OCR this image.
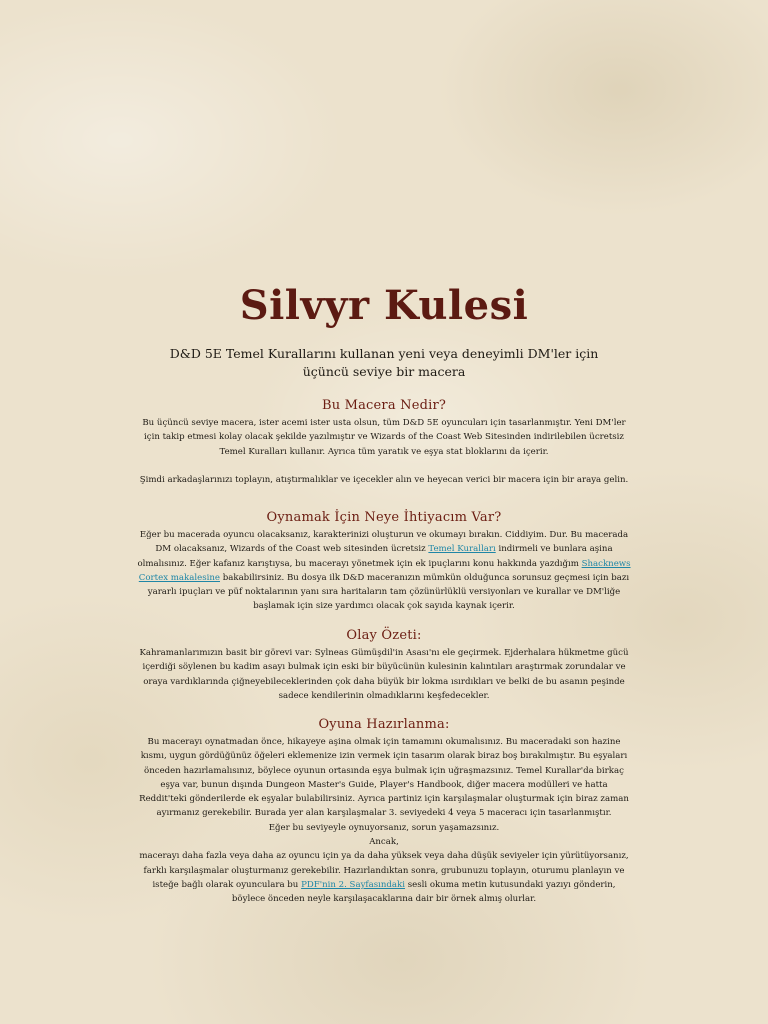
Silvyr Kulesi
D&D 5E Temel Kurallarını kullanan yeni veya deneyimli DM'ler için
üçüncü seviye bir macera
Bu Macera Nedir?

Bu üçüncü seviye macera, ister acemi ister usta olsun, tüm D&D 5E oyuncuları için tasarlanmıştır. Yeni DM'ler
için takip etmesi kolay olacak şekilde yazılmıştır ve Wizards of the Coast Web Sitesinden indirilebilen ücretsiz
Temel Kuralları kullanır. Ayrıca tüm yaratık ve eşya stat bloklarını da içerir.

Şimdi arkadaşlarınızı toplayın, atıştırmalıklar ve içecekler alın ve heyecan verici bir macera için bir araya gelin.

Oynamak İçin Neye İhtiyacım Var?

Eğer bu macerada oyuncu olacaksanız, karakterinizi oluşturun ve okumayı bırakın. Ciddiyim. Dur. Bu macerada
DM olacaksanız, Wizards of the Coast web sitesinden ücretsiz Temel Kuralları indirmeli ve bunlara aşina
olmalısınız. Eğer kafanız karıştıysa, bu macerayı yönetmek için ek ipuçlarını konu hakkında yazdığım Shacknews
Cortex makalesine bakabilirsiniz. Bu dosya ilk D&D maceranızın mümkün olduğunca sorunsuz geçmesi için bazı
yararlı ipuçları ve püf noktalarının yanı sıra haritaların tam çözünürlüklü versiyonları ve kurallar ve DM'liğe
başlamak için size yardımcı olacak çok sayıda kaynak içerir.

Olay Özeti:

Kahramanlarımızın basit bir görevi var: Sylneas Gümüşdil'in Asası'nı ele geçirmek. Ejderhalara hükmetme gücü
içerdiği söylenen bu kadim asayı bulmak için eski bir büyücünün kulesinin kalıntıları araştırmak zorundalar ve
oraya vardıklarında çiğneyebileceklerinden çok daha büyük bir lokma ısırdıkları ve belki de bu asanın peşinde
sadece kendilerinin olmadıklarını keşfedecekler.

Oyuna Hazırlanma:

Bu macerayı oynatmadan önce, hikayeye aşina olmak için tamamını okumalısınız. Bu maceradaki son hazine
kısmı, uygun gördüğünüz öğeleri eklemenize izin vermek için tasarım olarak biraz boş bırakılmıştır. Bu eşyaları
önceden hazırlamalısınız, böylece oyunun ortasında eşya bulmak için uğraşmazsınız. Temel Kurallar'da birkaç
eşya var, bunun dışında Dungeon Master's Guide, Player's Handbook, diğer macera modülleri ve hatta
Reddit'teki gönderilerde ek eşyalar bulabilirsiniz. Ayrıca partiniz için karşılaşmalar oluşturmak için biraz zaman
ayırmanız gerekebilir. Burada yer alan karşılaşmalar 3. seviyedeki 4 veya 5 maceracı için tasarlanmıştır.
Eğer bu seviyeyle oynuyorsanız, sorun yaşamazsınız.
Ancak,
macerayı daha fazla veya daha az oyuncu için ya da daha yüksek veya daha düşük seviyeler için yürütüyorsanız,
farklı karşılaşmalar oluşturmanız gerekebilir. Hazırlandıktan sonra, grubunuzu toplayın, oturumu planlayın ve
isteğe bağlı olarak oyunculara bu PDF'nin 2. Sayfasındaki sesli okuma metin kutusundaki yazıyı gönderin,
böylece önceden neyle karşılaşacaklarına dair bir örnek almış olurlar.
